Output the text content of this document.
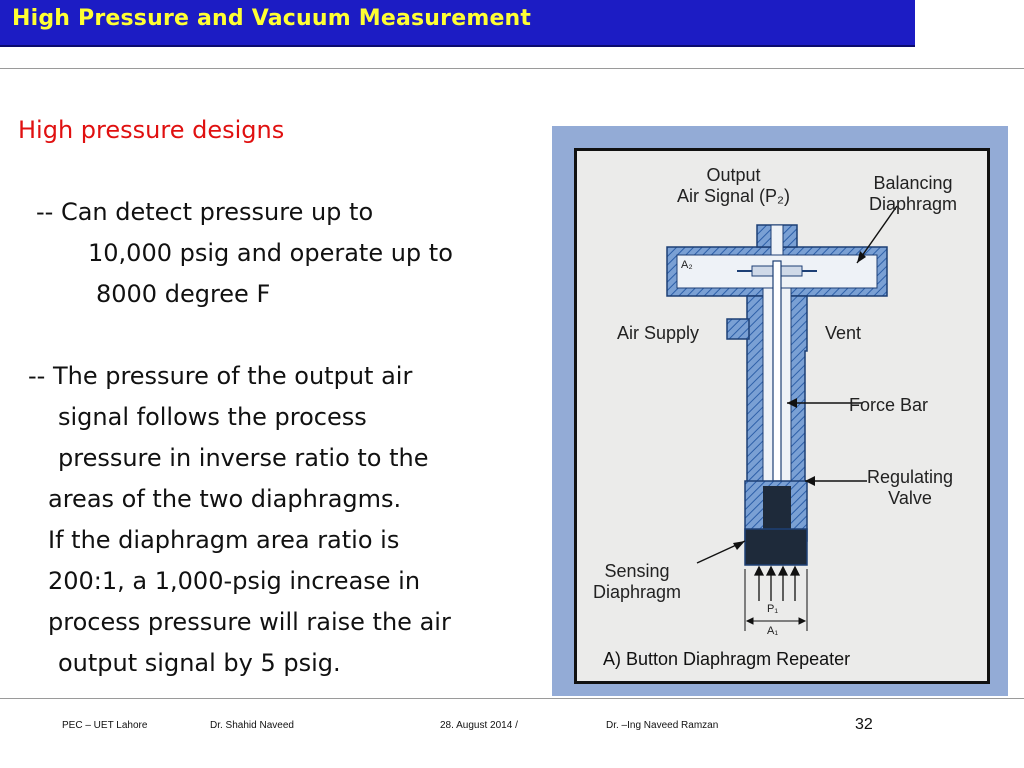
High Pressure and Vacuum Measurement
High pressure designs
-- Can detect pressure up to
10,000 psig and operate up to
8000 degree F
-- The pressure of the output air
signal follows the process
pressure in inverse ratio to the
areas of the two diaphragms.
If the diaphragm area ratio is
200:1, a 1,000-psig increase in
process pressure will raise the air
output signal by 5 psig.
Output
Air Signal (P₂)
Balancing
Diaphragm
A₂
Air Supply	Vent
Force Bar
Regulating
Valve
Sensing
Diaphragm
P₁
A₁
A) Button Diaphragm Repeater
PEC – UET Lahore	Dr. Shahid Naveed	28. August 2014 /	Dr. –Ing Naveed Ramzan	32
